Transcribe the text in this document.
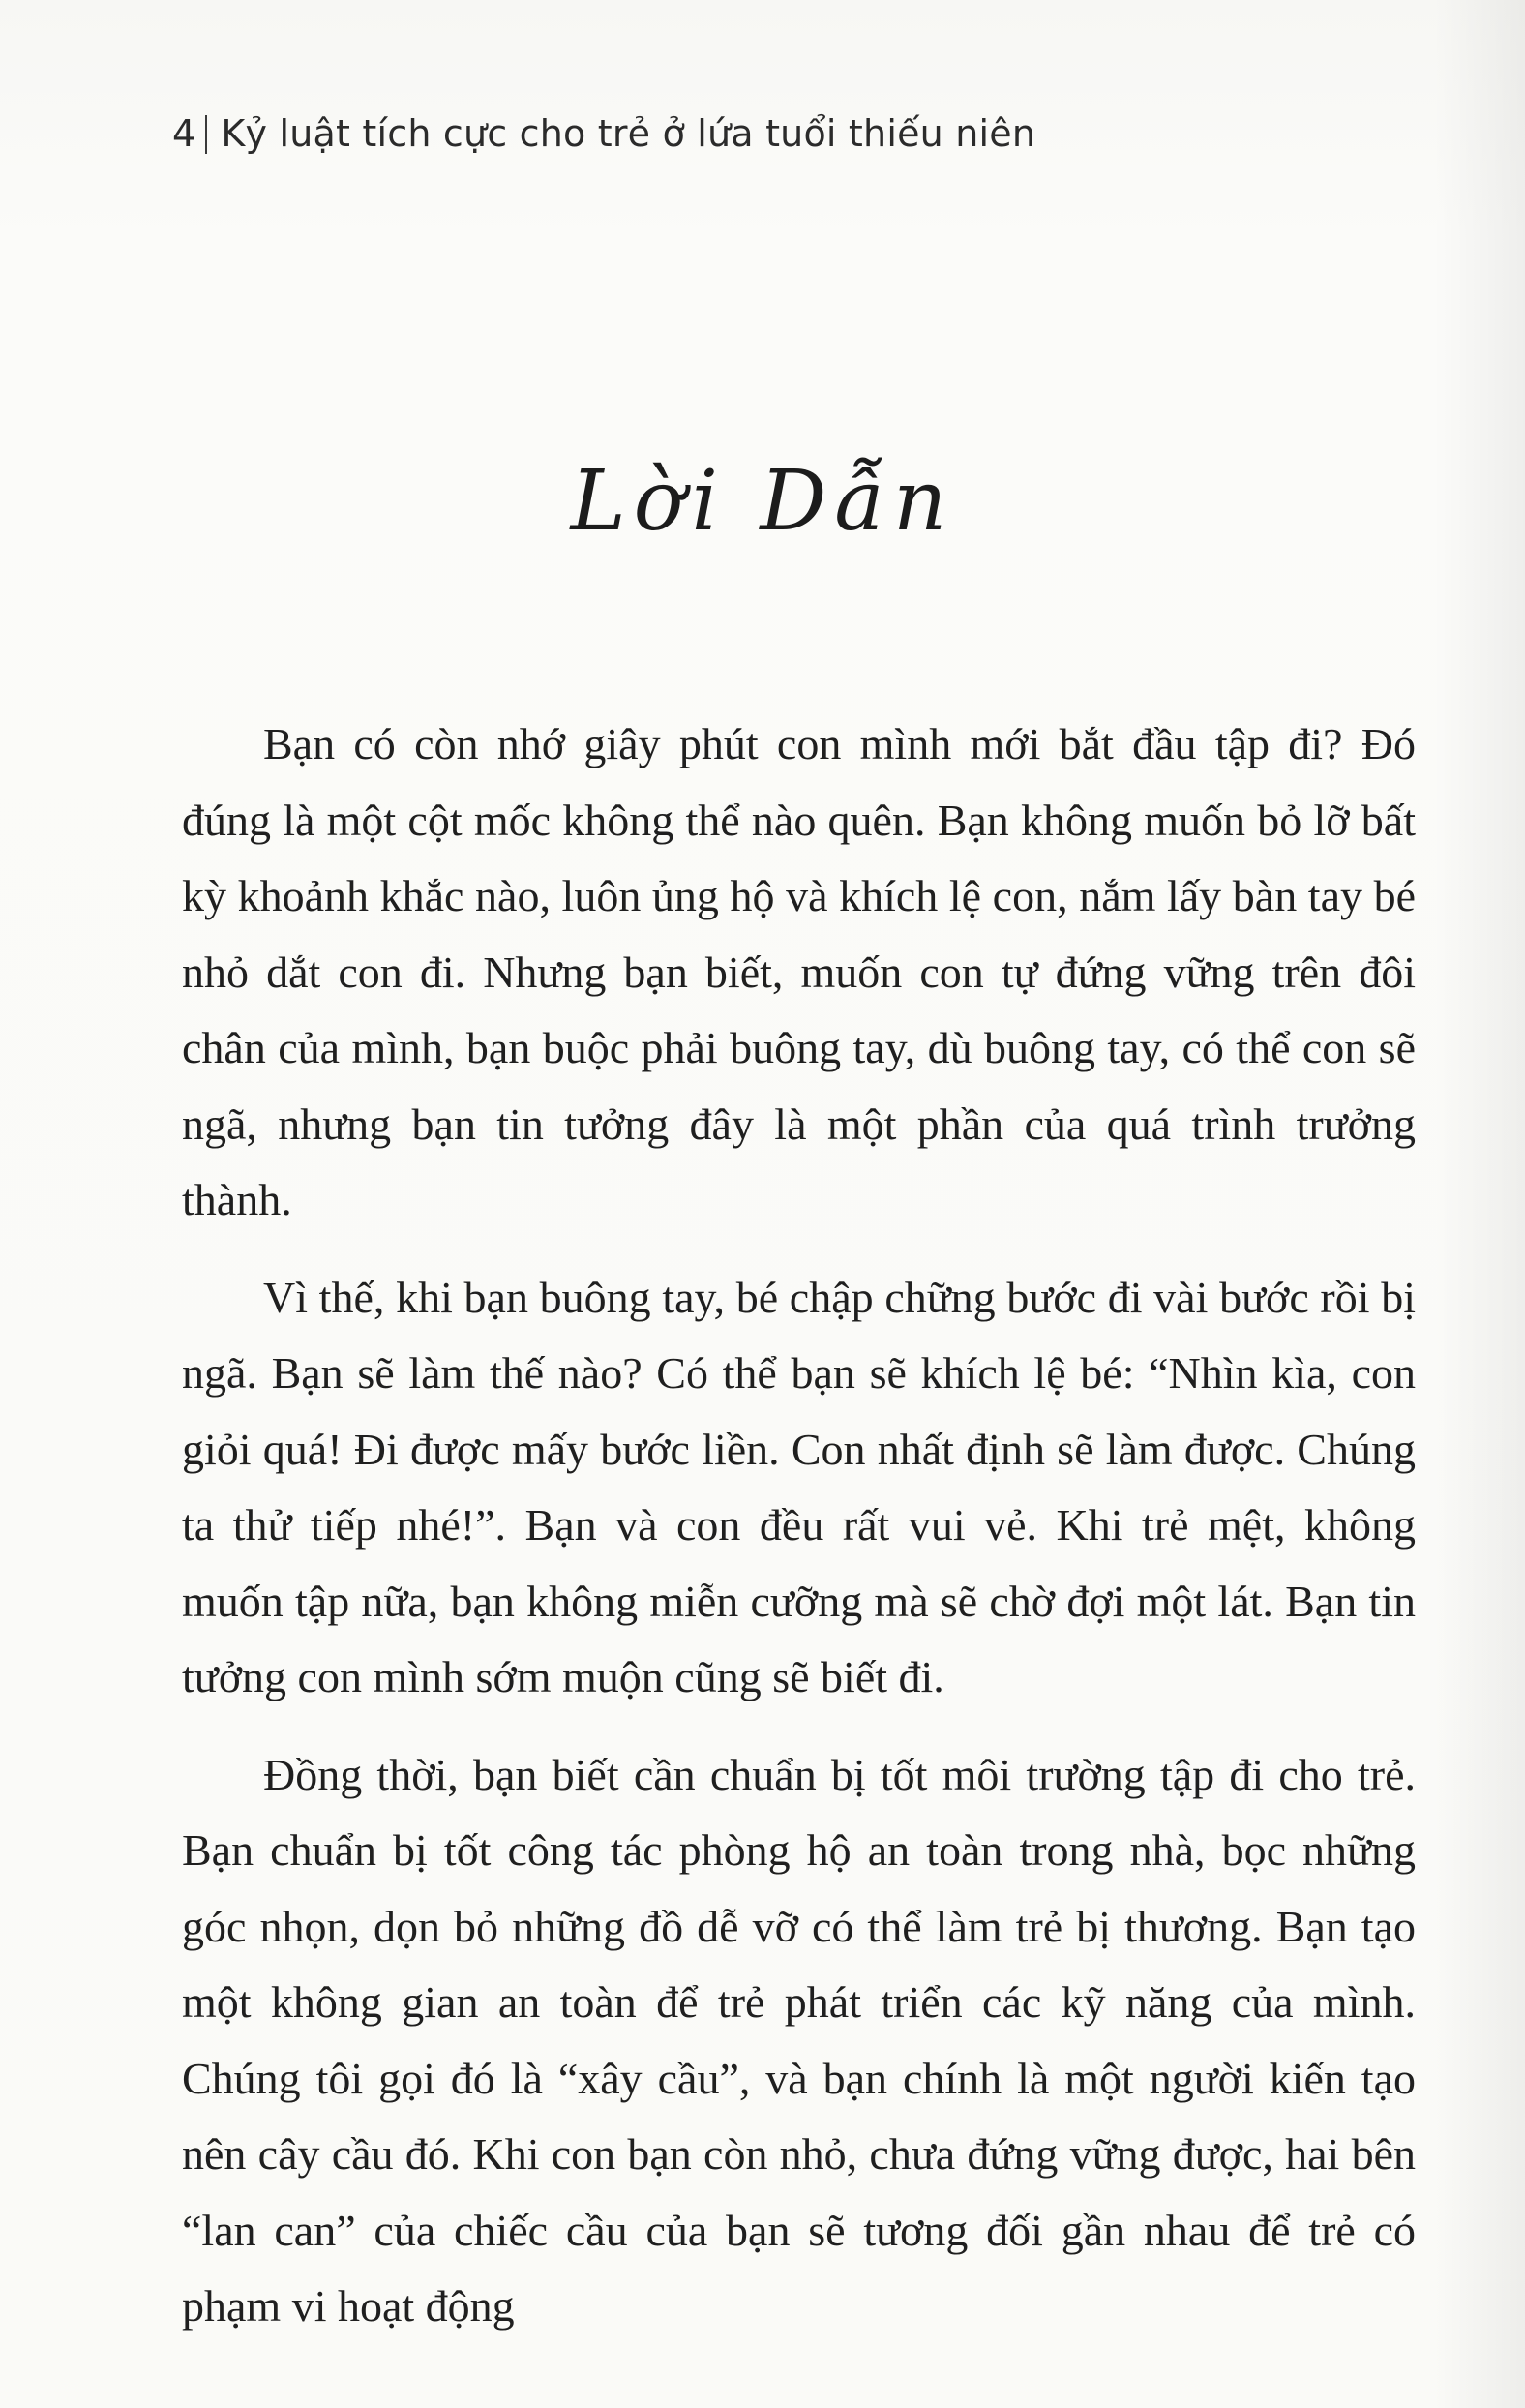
4 Kỷ luật tích cực cho trẻ ở lứa tuổi thiếu niên
Lời Dẫn

Bạn có còn nhớ giây phút con mình mới bắt đầu tập đi? Đó đúng là một cột mốc không thể nào quên. Bạn không muốn bỏ lỡ bất kỳ khoảnh khắc nào, luôn ủng hộ và khích lệ con, nắm lấy bàn tay bé nhỏ dắt con đi. Nhưng bạn biết, muốn con tự đứng vững trên đôi chân của mình, bạn buộc phải buông tay, dù buông tay, có thể con sẽ ngã, nhưng bạn tin tưởng đây là một phần của quá trình trưởng thành.

Vì thế, khi bạn buông tay, bé chập chững bước đi vài bước rồi bị ngã. Bạn sẽ làm thế nào? Có thể bạn sẽ khích lệ bé: “Nhìn kìa, con giỏi quá! Đi được mấy bước liền. Con nhất định sẽ làm được. Chúng ta thử tiếp nhé!”. Bạn và con đều rất vui vẻ. Khi trẻ mệt, không muốn tập nữa, bạn không miễn cưỡng mà sẽ chờ đợi một lát. Bạn tin tưởng con mình sớm muộn cũng sẽ biết đi.

Đồng thời, bạn biết cần chuẩn bị tốt môi trường tập đi cho trẻ. Bạn chuẩn bị tốt công tác phòng hộ an toàn trong nhà, bọc những góc nhọn, dọn bỏ những đồ dễ vỡ có thể làm trẻ bị thương. Bạn tạo một không gian an toàn để trẻ phát triển các kỹ năng của mình. Chúng tôi gọi đó là “xây cầu”, và bạn chính là một người kiến tạo nên cây cầu đó. Khi con bạn còn nhỏ, chưa đứng vững được, hai bên “lan can” của chiếc cầu của bạn sẽ tương đối gần nhau để trẻ có phạm vi hoạt động
